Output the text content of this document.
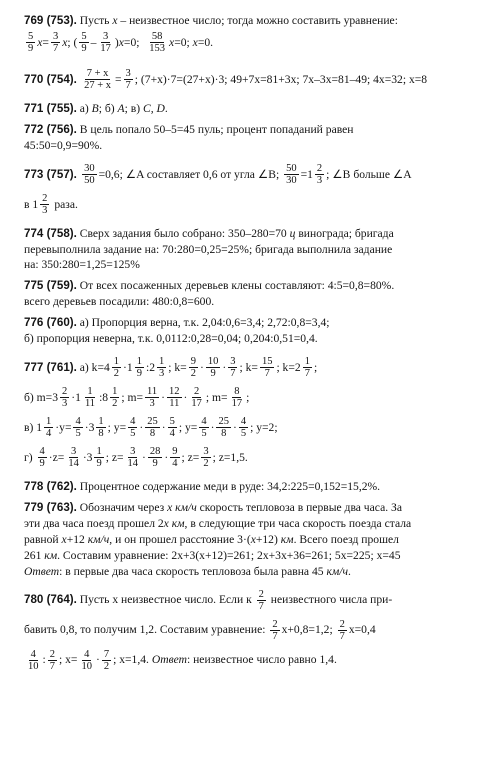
769 (753). Пусть x – неизвестное число; тогда можно составить уравнение:
$\frac{5}{9}$ $x = \frac{3}{7}$ x ; ( $\frac{5}{9} - \frac{3}{17}$ ) x =0; $\frac{58}{153}$ x =0; x =0.
770 (754). $\frac{7 + x}{27 + x} = \frac{3}{7}$ ; (7+x)·7=(27+x)·3; 49+7x=81+3x; 7x–3x=81–49; 4x=32; x=8
771 (755). а) B; б) A; в) C, D.
772 (756). В цель попало 50–5=45 пуль; процент попаданий равен
45:50=0,9=90%.
773 (757). $\frac{30}{50} =0,6$; ∠A составляет 0,6 от угла ∠B; $\frac{50}{30} =1 \frac{2}{3}$ ; ∠B больше ∠A
в $1 \frac{2}{3}$ раза.
774 (758). Сверх задания было собрано: 350–280=70 ц винограда; бригада
перевыполнила задание на: 70:280=0,25=25%; бригада выполнила задание
на: 350:280=1,25=125%
775 (759). От всех посаженных деревьев клены составляют: 4:5=0,8=80%.
всего деревьев посадили: 480:0,8=600.
776 (760). а) Пропорция верна, т.к. 2,04:0,6=3,4; 2,72:0,8=3,4;
б) пропорция неверна, т.к. 0,0112:0,28=0,04; 0,204:0,51=0,4.
777 (761). а) $k=4 \frac{1}{2} \cdot 1 \frac{1}{9}$ :2 $\frac{1}{3}$ ; $k= \frac{9}{2} \cdot \frac{10}{9} \cdot \frac{3}{7}$ ; $k= \frac{15}{7}$ ; $k=2 \frac{1}{7}$ ;
б) $m=3 \frac{2}{3} \cdot 1 \frac{1}{11}$ :8 $\frac{1}{2}$ ; $m= \frac{11}{3} \cdot \frac{12}{11} \cdot \frac{2}{17}$ ; $m= \frac{8}{17}$ ;
в) $1 \frac{1}{4} \cdot y= \frac{4}{5} \cdot 3 \frac{1}{8}$ ; $y= \frac{4}{5} \cdot \frac{25}{8} \cdot \frac{5}{4}$ ; $y= \frac{4}{5} \cdot \frac{25}{8} \cdot \frac{4}{5}$ ; y=2;
$г) \frac{4}{9} \cdot z= \frac{3}{14} \cdot 3 \frac{1}{9}$ ; $z= \frac{3}{14} \cdot \frac{28}{9} \cdot \frac{9}{4}$ ; $z= \frac{3}{2}$ ; z=1,5.
778 (762). Процентное содержание меди в руде: 34,2:225=0,152=15,2%.
779 (763). Обозначим через x км/ч скорость тепловоза в первые два часа. За
эти два часа поезд прошел 2x км, в следующие три часа скорость поезда стала
равной x+12 км/ч, и он прошел расстояние 3·(x+12) км. Всего поезд прошел
261 км. Составим уравнение: 2x+3(x+12)=261; 2x+3x+36=261; 5x=225; x=45
Ответ: в первые два часа скорость тепловоза была равна 45 км/ч.
780 (764). Пусть x неизвестное число. Если к $\frac{2}{7}$ неизвестного числа при-
бавить 0,8, то получим 1,2. Составим уравнение: $\frac{2}{7} x+0,8=1,2$; $\frac{2}{7} x=0,4$
$\frac{4}{10}$ : $\frac{2}{7}$ ; $x= \frac{4}{10} \cdot \frac{7}{2}$ ; x=1,4. Ответ : неизвестное число равно 1,4.
